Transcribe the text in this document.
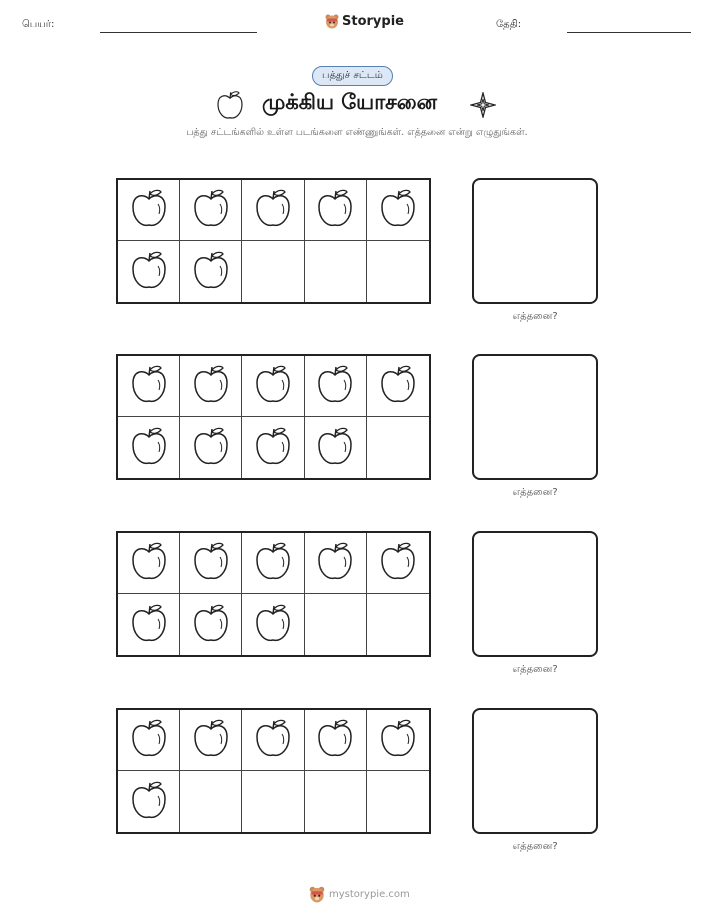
பெயர்:	Storypie	தேதி:
பத்துச் சட்டம்
முக்கிய யோசனை
பத்து சட்டங்களில் உள்ள படங்களை எண்ணுங்கள். எத்தனை என்று எழுதுங்கள்.
எத்தனை?
எத்தனை?
எத்தனை?
எத்தனை?
mystorypie.com
